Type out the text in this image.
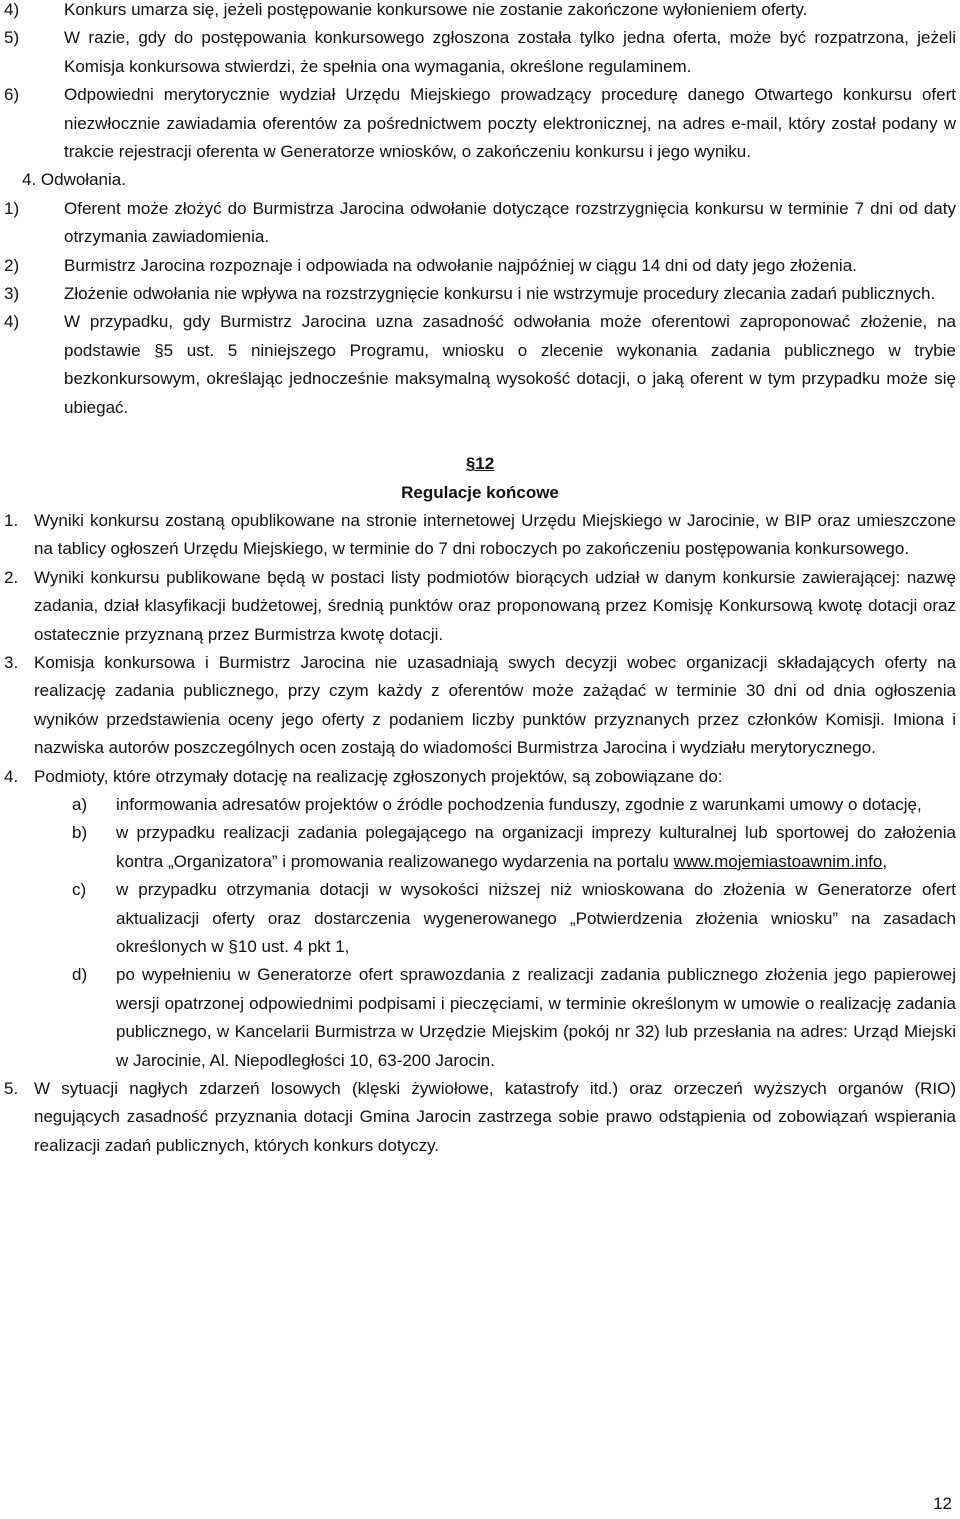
4)	Konkurs umarza się, jeżeli postępowanie konkursowe nie zostanie zakończone wyłonieniem oferty.
5)	W razie, gdy do postępowania konkursowego zgłoszona została tylko jedna oferta, może być rozpatrzona, jeżeli Komisja konkursowa stwierdzi, że spełnia ona wymagania, określone regulaminem.
6)	Odpowiedni merytorycznie wydział Urzędu Miejskiego prowadzący procedurę danego Otwartego konkursu ofert niezwłocznie zawiadamia oferentów za pośrednictwem poczty elektronicznej, na adres e-mail, który został podany w trakcie rejestracji oferenta w Generatorze wniosków, o zakończeniu konkursu i jego wyniku.
4. Odwołania.
1)	Oferent może złożyć do Burmistrza Jarocina odwołanie dotyczące rozstrzygnięcia konkursu w terminie 7 dni od daty otrzymania zawiadomienia.
2)	Burmistrz Jarocina rozpoznaje i odpowiada na odwołanie najpóźniej w ciągu 14 dni od daty jego złożenia.
3)	Złożenie odwołania nie wpływa na rozstrzygnięcie konkursu i nie wstrzymuje procedury zlecania zadań publicznych.
4)	W przypadku, gdy Burmistrz Jarocina uzna zasadność odwołania może oferentowi zaproponować złożenie, na podstawie §5 ust. 5 niniejszego Programu, wniosku o zlecenie wykonania zadania publicznego w trybie bezkonkursowym, określając jednocześnie maksymalną wysokość dotacji, o jaką oferent w tym przypadku może się ubiegać.
§12
Regulacje końcowe
1. Wyniki konkursu zostaną opublikowane na stronie internetowej Urzędu Miejskiego w Jarocinie, w BIP oraz umieszczone na tablicy ogłoszeń Urzędu Miejskiego, w terminie do 7 dni roboczych po zakończeniu postępowania konkursowego.
2. Wyniki konkursu publikowane będą w postaci listy podmiotów biorących udział w danym konkursie zawierającej: nazwę zadania, dział klasyfikacji budżetowej, średnią punktów oraz proponowaną przez Komisję Konkursową kwotę dotacji oraz ostatecznie przyznaną przez Burmistrza kwotę dotacji.
3. Komisja konkursowa i Burmistrz Jarocina nie uzasadniają swych decyzji wobec organizacji składających oferty na realizację zadania publicznego, przy czym każdy z oferentów może zażądać w terminie 30 dni od dnia ogłoszenia wyników przedstawienia oceny jego oferty z podaniem liczby punktów przyznanych przez członków Komisji. Imiona i nazwiska autorów poszczególnych ocen zostają do wiadomości Burmistrza Jarocina i wydziału merytorycznego.
4. Podmioty, które otrzymały dotację na realizację zgłoszonych projektów, są zobowiązane do:
a) informowania adresatów projektów o źródle pochodzenia funduszy, zgodnie z warunkami umowy o dotację,
b) w przypadku realizacji zadania polegającego na organizacji imprezy kulturalnej lub sportowej do założenia kontra „Organizatora” i promowania realizowanego wydarzenia na portalu www.mojemiastoawnim.info,
c) w przypadku otrzymania dotacji w wysokości niższej niż wnioskowana do złożenia w Generatorze ofert aktualizacji oferty oraz dostarczenia wygenerowanego „Potwierdzenia złożenia wniosku” na zasadach określonych w §10 ust. 4 pkt 1,
d) po wypełnieniu w Generatorze ofert sprawozdania z realizacji zadania publicznego złożenia jego papierowej wersji opatrzonej odpowiednimi podpisami i pieczęciami, w terminie określonym w umowie o realizację zadania publicznego, w Kancelarii Burmistrza w Urzędzie Miejskim (pokój nr 32) lub przesłania na adres: Urząd Miejski w Jarocinie, Al. Niepodległości 10, 63-200 Jarocin.
5. W sytuacji nagłych zdarzeń losowych (klęski żywiołowe, katastrofy itd.) oraz orzeczeń wyższych organów (RIO) negujących zasadność przyznania dotacji Gmina Jarocin zastrzega sobie prawo odstąpienia od zobowiązań wspierania realizacji zadań publicznych, których konkurs dotyczy.
12
